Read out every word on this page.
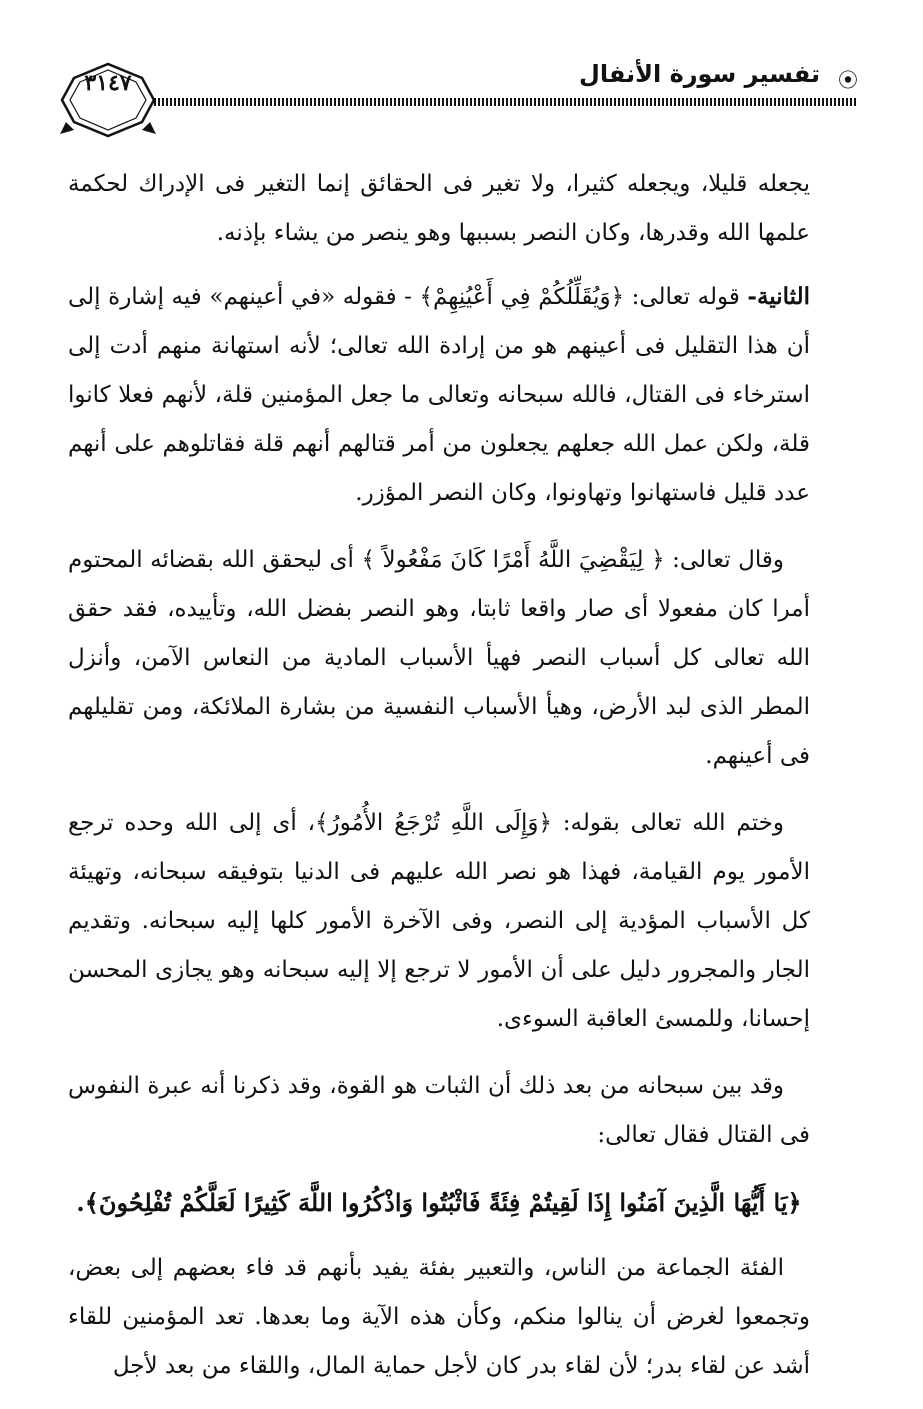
⦿
تفسير سورة الأنفال
٣١٤٧

يجعله قليلا، ويجعله كثيرا، ولا تغير فى الحقائق إنما التغير فى الإدراك لحكمة علمها الله وقدرها، وكان النصر بسببها وهو ينصر من يشاء بإذنه.

الثانية- قوله تعالى: ﴿وَيُقَلِّلُكُمْ فِي أَعْيُنِهِمْ﴾ - فقوله «في أعينهم» فيه إشارة إلى أن هذا التقليل فى أعينهم هو من إرادة الله تعالى؛ لأنه استهانة منهم أدت إلى استرخاء فى القتال، فالله سبحانه وتعالى ما جعل المؤمنين قلة، لأنهم فعلا كانوا قلة، ولكن عمل الله جعلهم يجعلون من أمر قتالهم أنهم قلة فقاتلوهم على أنهم عدد قليل فاستهانوا وتهاونوا، وكان النصر المؤزر.

وقال تعالى: ﴿ لِيَقْضِيَ اللَّهُ أَمْرًا كَانَ مَفْعُولاً ﴾ أى ليحقق الله بقضائه المحتوم أمرا كان مفعولا أى صار واقعا ثابتا، وهو النصر بفضل الله، وتأييده، فقد حقق الله تعالى كل أسباب النصر فهيأ الأسباب المادية من النعاس الآمن، وأنزل المطر الذى لبد الأرض، وهيأ الأسباب النفسية من بشارة الملائكة، ومن تقليلهم فى أعينهم.

وختم الله تعالى بقوله: ﴿وَإِلَى اللَّهِ تُرْجَعُ الأُمُورُ﴾، أى إلى الله وحده ترجع الأمور يوم القيامة، فهذا هو نصر الله عليهم فى الدنيا بتوفيقه سبحانه، وتهيئة كل الأسباب المؤدية إلى النصر، وفى الآخرة الأمور كلها إليه سبحانه. وتقديم الجار والمجرور دليل على أن الأمور لا ترجع إلا إليه سبحانه وهو يجازى المحسن إحسانا، وللمسئ العاقبة السوءى.

وقد بين سبحانه من بعد ذلك أن الثبات هو القوة، وقد ذكرنا أنه عبرة النفوس فى القتال فقال تعالى:

﴿يَا أَيُّهَا الَّذِينَ آمَنُوا إِذَا لَقِيتُمْ فِئَةً فَاثْبُتُوا وَاذْكُرُوا اللَّهَ كَثِيرًا لَعَلَّكُمْ تُفْلِحُونَ﴾.

الفئة الجماعة من الناس، والتعبير بفئة يفيد بأنهم قد فاء بعضهم إلى بعض، وتجمعوا لغرض أن ينالوا منكم، وكأن هذه الآية وما بعدها. تعد المؤمنين للقاء أشد عن لقاء بدر؛ لأن لقاء بدر كان لأجل حماية المال، واللقاء من بعد لأجل
